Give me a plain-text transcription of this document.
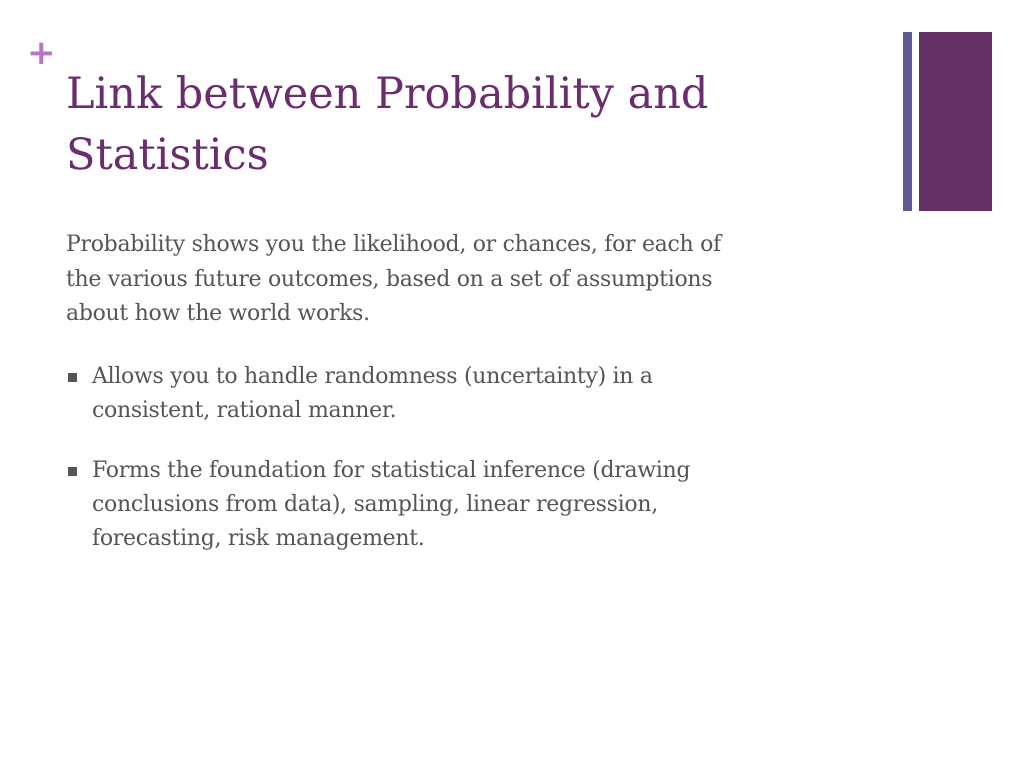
+
Link between Probability and
Statistics

Probability shows you the likelihood, or chances, for each of
the various future outcomes, based on a set of assumptions
about how the world works.

Allows you to handle randomness (uncertainty) in a
consistent, rational manner.
Forms the foundation for statistical inference (drawing
conclusions from data), sampling, linear regression,
forecasting, risk management.
